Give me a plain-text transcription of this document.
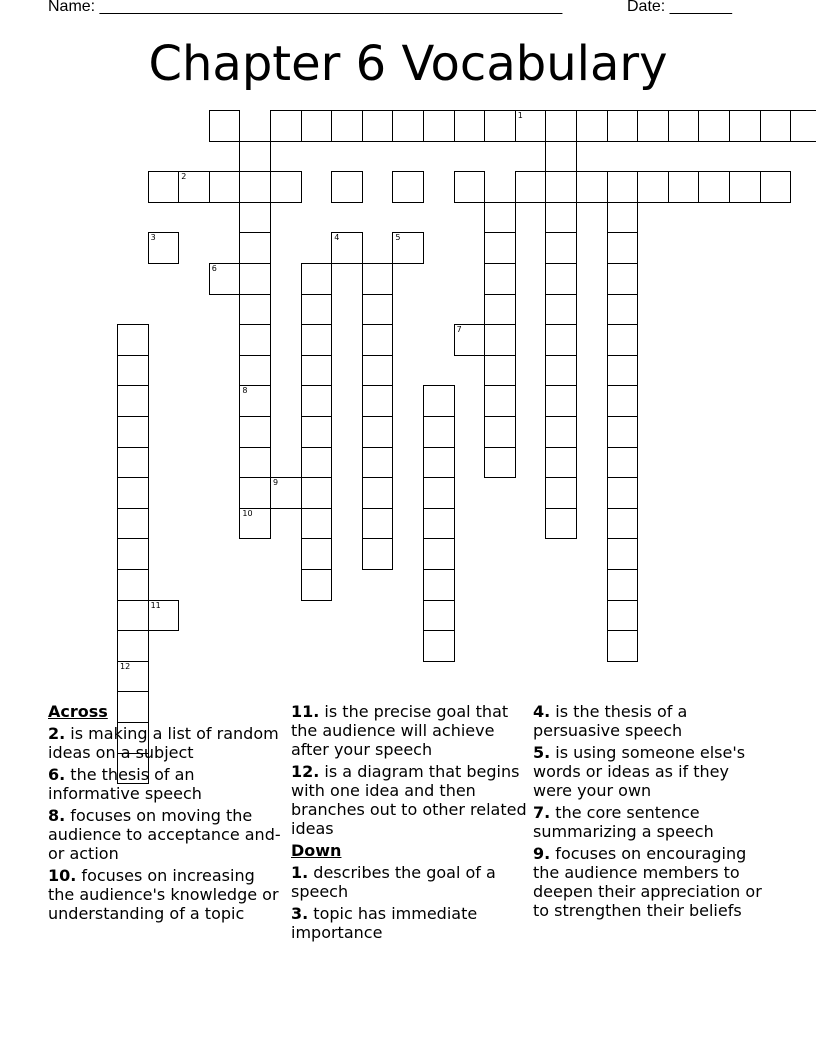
Name: ____________________________________________________	Date: _______
Chapter 6 Vocabulary
8
10
12
2
1
3	4	5
6
7
9
11
Across
2. is making a list of random ideas on a subject
6. the thesis of an informative speech
8. focuses on moving the audience to acceptance and-or action
10. focuses on increasing the audience's knowledge or understanding of a topic
11. is the precise goal that the audience will achieve after your speech
12. is a diagram that begins with one idea and then branches out to other related ideas
Down
1. describes the goal of a speech
3. topic has immediate importance
4. is the thesis of a persuasive speech
5. is using someone else's words or ideas as if they were your own
7. the core sentence summarizing a speech
9. focuses on encouraging the audience members to deepen their appreciation or to strengthen their beliefs
